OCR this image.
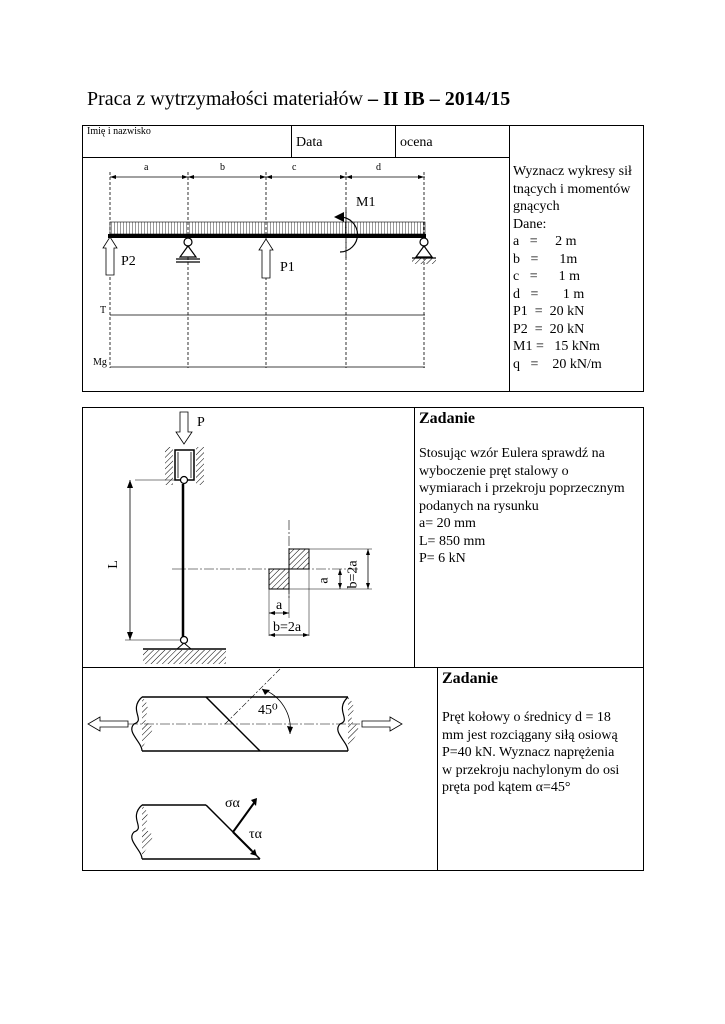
Praca z wytrzymałości materiałów – II IB – 2014/15
Imię i nazwisko
Data	ocena
Wyznacz wykresy sił
tnących i momentów
gnących
Dane:
a   =     2 m
b   =      1m
c   =      1 m
d   =       1 m
P1  =  20 kN
P2  =  20 kN
M1 =   15 kNm
q   =    20 kN/m
a	b	c	d
M1
P2	P1
T
Mg
Zadanie
Stosując wzór Eulera sprawdź na
wyboczenie pręt stalowy o
wymiarach i przekroju poprzecznym
podanych na rysunku
a= 20 mm
L= 850 mm
P= 6 kN
P
L
a
b=2a
a b=2a
Zadanie
Pręt kołowy o średnicy d = 18
mm jest rozciągany siłą osiową
P=40 kN. Wyznacz naprężenia
w przekroju nachylonym do osi
pręta pod kątem α=45°
45⁰
σα
τα
